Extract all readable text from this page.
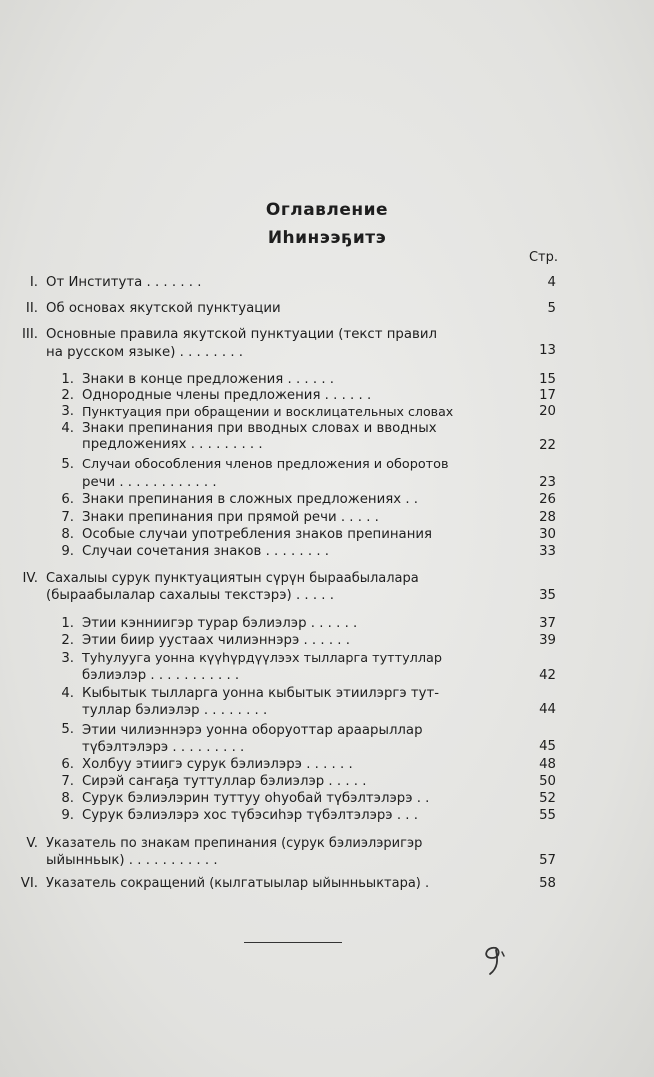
Оглавление
Иһинээҕитэ
Стр.
I. От Института . . . . . . .	4
II. Об основах якутской пунктуации	5
III. Основные правила якутской пунктуации (текст правил
на русском языке) . . . . . . . .	13
1. Знаки в конце предложения . . . . . .	15
2. Однородные члены предложения . . . . . .	17
3. Пунктуация при обращении и восклицательных словах	20
4. Знаки препинания при вводных словах и вводных
предложениях . . . . . . . . .	22
5. Случаи обособления членов предложения и оборотов
речи . . . . . . . . . . . .	23
6. Знаки препинания в сложных предложениях . .	26
7. Знаки препинания при прямой речи . . . . .	28
8. Особые случаи употребления знаков препинания	30
9. Случаи сочетания знаков . . . . . . . .	33
IV. Сахалыы сурук пунктуациятын сүрүн быраабылалара
(быраабылалар сахалыы текстэрэ) . . . . .	35
1. Этии кэнниигэр турар бэлиэлэр . . . . . .	37
2. Этии биир уустаах чилиэннэрэ . . . . . .	39
3. Туһулууга уонна күүһүрдүүлээх тылларга туттуллар
бэлиэлэр . . . . . . . . . . .	42
4. Кыбытык тылларга уонна кыбытык этиилэргэ тут-
туллар бэлиэлэр . . . . . . . .	44
5. Этии чилиэннэрэ уонна оборуоттар араарыллар түбэлтэлэрэ . . . . . . . . .	45
6. Холбуу этиигэ сурук бэлиэлэрэ . . . . . .	48
7. Сирэй саҥаҕа туттуллар бэлиэлэр . . . . .	50
8. Сурук бэлиэлэрин туттуу оһуобай түбэлтэлэрэ . .	52
9. Сурук бэлиэлэрэ хос түбэсиһэр түбэлтэлэрэ . . .	55
V. Указатель по знакам препинания (сурук бэлиэлэригэр
ыйынньык) . . . . . . . . . . .	57
VI. Указатель сокращений (кылгатыылар ыйынньыктара) .	58
